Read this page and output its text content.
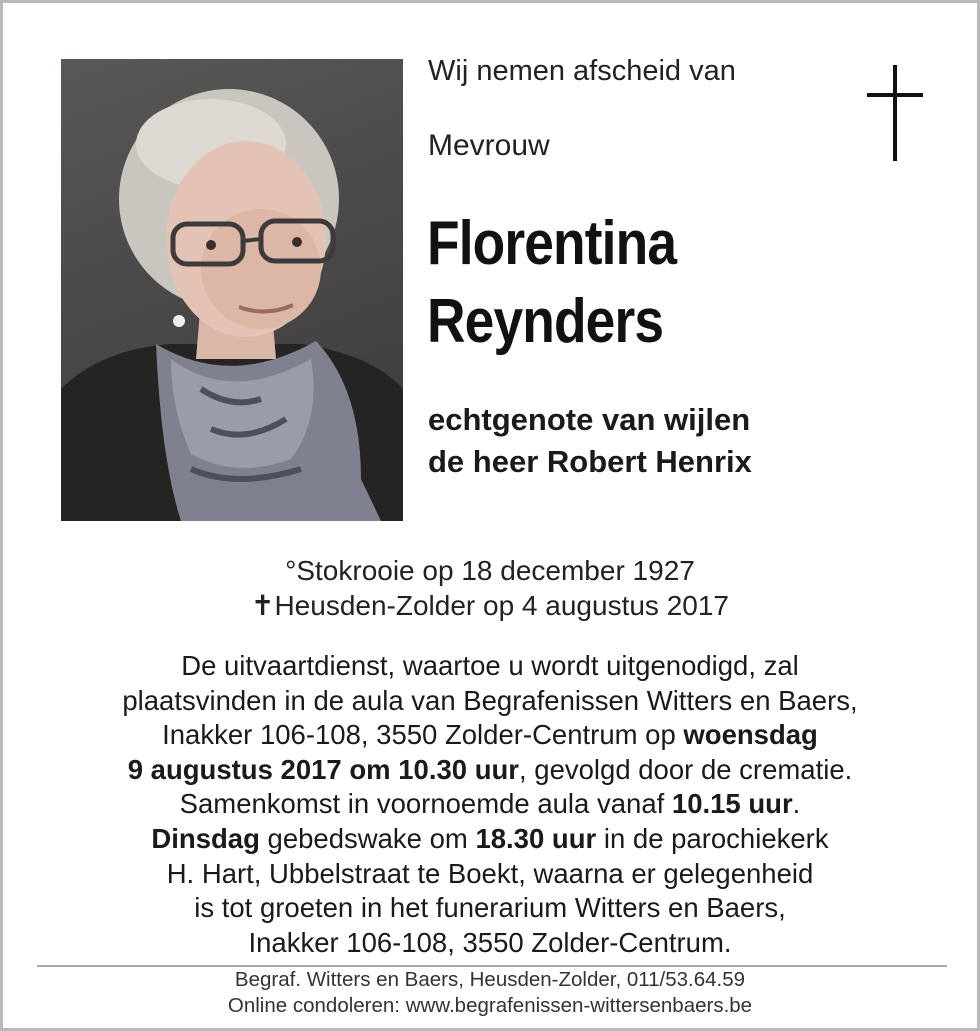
Wij nemen afscheid van
Mevrouw
Florentina
Reynders
echtgenote van wijlen
de heer Robert Henrix
°Stokrooie op 18 december 1927
✝Heusden-Zolder op 4 augustus 2017
De uitvaartdienst, waartoe u wordt uitgenodigd, zal
plaatsvinden in de aula van Begrafenissen Witters en Baers,
Inakker 106-108, 3550 Zolder-Centrum op woensdag
9 augustus 2017 om 10.30 uur, gevolgd door de crematie.
Samenkomst in voornoemde aula vanaf 10.15 uur.
Dinsdag gebedswake om 18.30 uur in de parochiekerk
H. Hart, Ubbelstraat te Boekt, waarna er gelegenheid
is tot groeten in het funerarium Witters en Baers,
Inakker 106-108, 3550 Zolder-Centrum.
Begraf. Witters en Baers, Heusden-Zolder, 011/53.64.59
Online condoleren: www.begrafenissen-wittersenbaers.be
